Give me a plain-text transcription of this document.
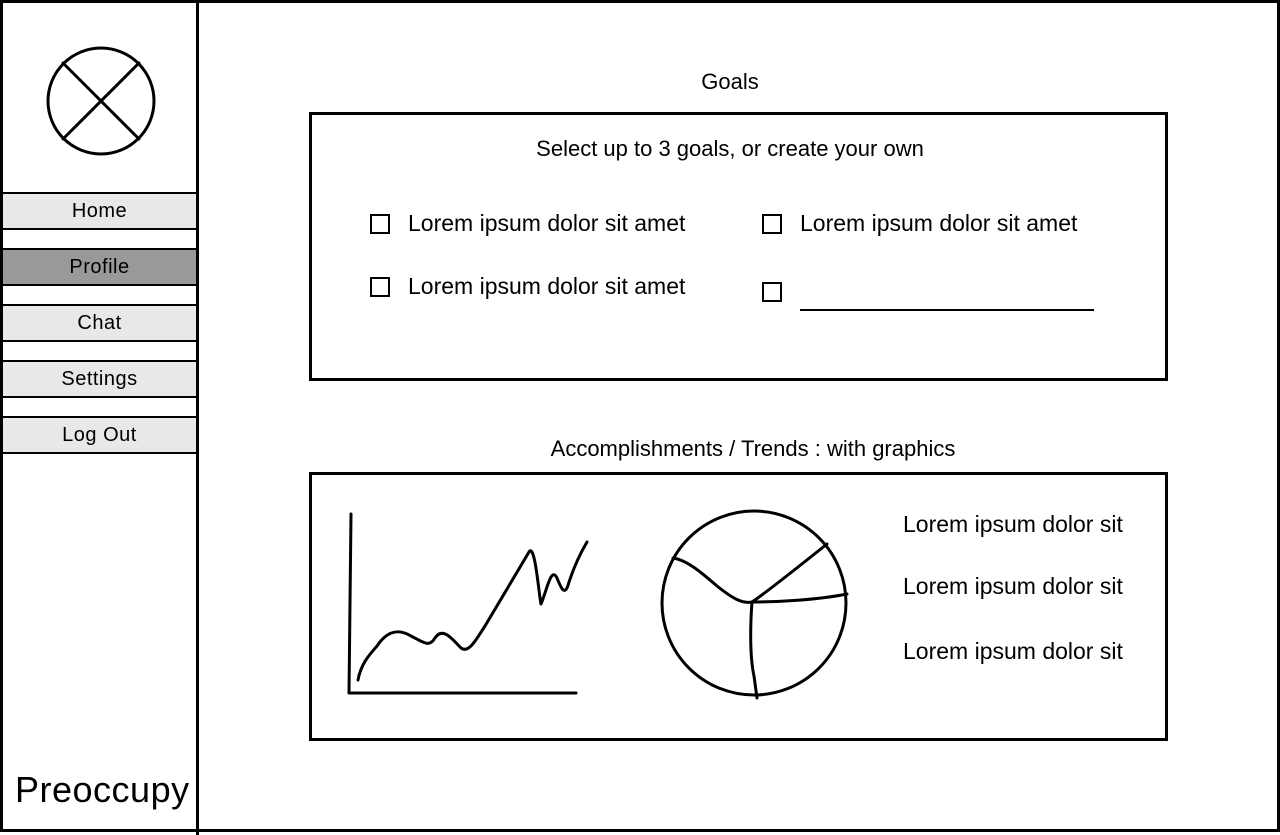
Home
Profile
Chat
Settings
Log Out
Preoccupy
Goals
Select up to 3 goals, or create your own
Lorem ipsum dolor sit amet	Lorem ipsum dolor sit amet
Lorem ipsum dolor sit amet
Accomplishments / Trends : with graphics
Lorem ipsum dolor sit
Lorem ipsum dolor sit
Lorem ipsum dolor sit
